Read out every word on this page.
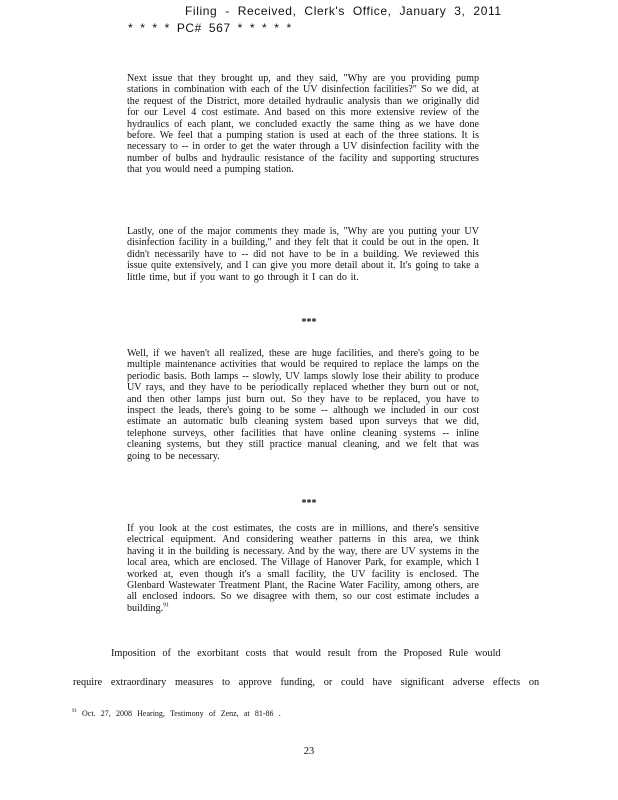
Filing - Received, Clerk's Office, January 3, 2011
* * * * PC# 567 * * * * *

Next issue that they brought up, and they said, "Why are you providing pump stations in combination with each of the UV disinfection facilities?" So we did, at the request of the District, more detailed hydraulic analysis than we originally did for our Level 4 cost estimate. And based on this more extensive review of the hydraulics of each plant, we concluded exactly the same thing as we have done before. We feel that a pumping station is used at each of the three stations. It is necessary to -- in order to get the water through a UV disinfection facility with the number of bulbs and hydraulic resistance of the facility and supporting structures that you would need a pumping station.

Lastly, one of the major comments they made is, "Why are you putting your UV disinfection facility in a building," and they felt that it could be out in the open. It didn't necessarily have to -- did not have to be in a building. We reviewed this issue quite extensively, and I can give you more detail about it. It's going to take a little time, but if you want to go through it I can do it.

***

Well, if we haven't all realized, these are huge facilities, and there's going to be multiple maintenance activities that would be required to replace the lamps on the periodic basis. Both lamps -- slowly, UV lamps slowly lose their ability to produce UV rays, and they have to be periodically replaced whether they burn out or not, and then other lamps just burn out. So they have to be replaced, you have to inspect the leads, there's going to be some -- although we included in our cost estimate an automatic bulb cleaning system based upon surveys that we did, telephone surveys, other facilities that have online cleaning systems -- inline cleaning systems, but they still practice manual cleaning, and we felt that was going to be necessary.

***

If you look at the cost estimates, the costs are in millions, and there's sensitive electrical equipment. And considering weather patterns in this area, we think having it in the building is necessary. And by the way, there are UV systems in the local area, which are enclosed. The Village of Hanover Park, for example, which I worked at, even though it's a small facility, the UV facility is enclosed. The Glenbard Wastewater Treatment Plant, the Racine Water Facility, among others, are all enclosed indoors. So we disagree with them, so our cost estimate includes a building.$^{91}$

Imposition of the exorbitant costs that would result from the Proposed Rule would
require extraordinary measures to approve funding, or could have significant adverse effects on
$^{91}$ Oct. 27, 2008 Hearing, Testimony of Zenz, at 81-86 .
23
